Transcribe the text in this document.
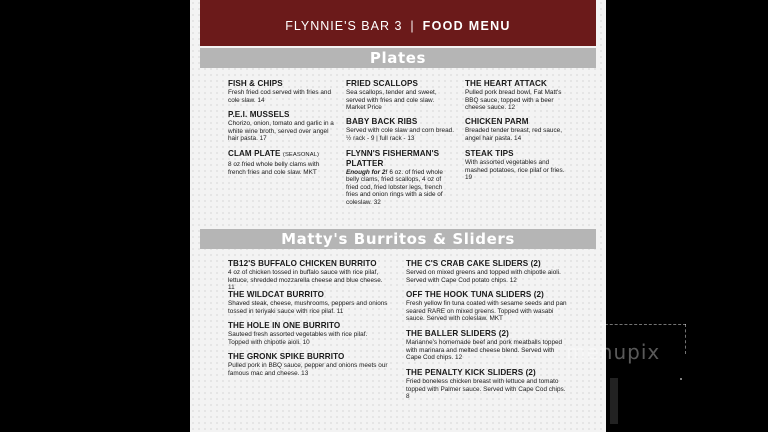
FLYNNIE'S BAR 3 | FOOD MENU
Plates
FISH & CHIPS
Fresh fried cod served with fries and cole slaw. 14
P.E.I. MUSSELS
Chorizo, onion, tomato and garlic in a white wine broth, served over angel hair pasta. 17
CLAM PLATE (SEASONAL)
8 oz fried whole belly clams with french fries and cole slaw. MKT
FRIED SCALLOPS
Sea scallops, tender and sweet, served with fries and cole slaw. Market Price
BABY BACK RIBS
Served with cole slaw and corn bread. ½ rack - 9 | full rack - 13
FLYNN'S FISHERMAN'S PLATTER
Enough for 2! 6 oz. of fried whole belly clams, fried scallops, 4 oz of fried cod, fried lobster legs, french fries and onion rings with a side of coleslaw. 32
THE HEART ATTACK
Pulled pork bread bowl, Fat Matt's BBQ sauce, topped with a beer cheese sauce. 12
CHICKEN PARM
Breaded tender breast, red sauce, angel hair pasta. 14
STEAK TIPS
With assorted vegetables and mashed potatoes, rice pilaf or fries. 19
Matty's Burritos & Sliders
TB12'S BUFFALO CHICKEN BURRITO
4 oz of chicken tossed in buffalo sauce with rice pilaf, lettuce, shredded mozzarella cheese and blue cheese. 11
THE WILDCAT BURRITO
Shaved steak, cheese, mushrooms, peppers and onions tossed in teriyaki sauce with rice pilaf. 11
THE HOLE IN ONE BURRITO
Sauteed fresh assorted vegetables with rice pilaf. Topped with chipotle aioli. 10
THE GRONK SPIKE BURRITO
Pulled pork in BBQ sauce, pepper and onions meets our famous mac and cheese. 13
THE C'S CRAB CAKE SLIDERS (2)
Served on mixed greens and topped with chipotle aioli. Served with Cape Cod potato chips. 12
OFF THE HOOK TUNA SLIDERS (2)
Fresh yellow fin tuna coated with sesame seeds and pan seared RARE on mixed greens. Topped with wasabi sauce. Served with coleslaw. MKT
THE BALLER SLIDERS (2)
Marianne's homemade beef and pork meatballs topped with marinara and melted cheese blend. Served with Cape Cod chips. 12
THE PENALTY KICK SLIDERS (2)
Fried boneless chicken breast with lettuce and tomato topped with Palmer sauce. Served with Cape Cod chips. 8
menupix
